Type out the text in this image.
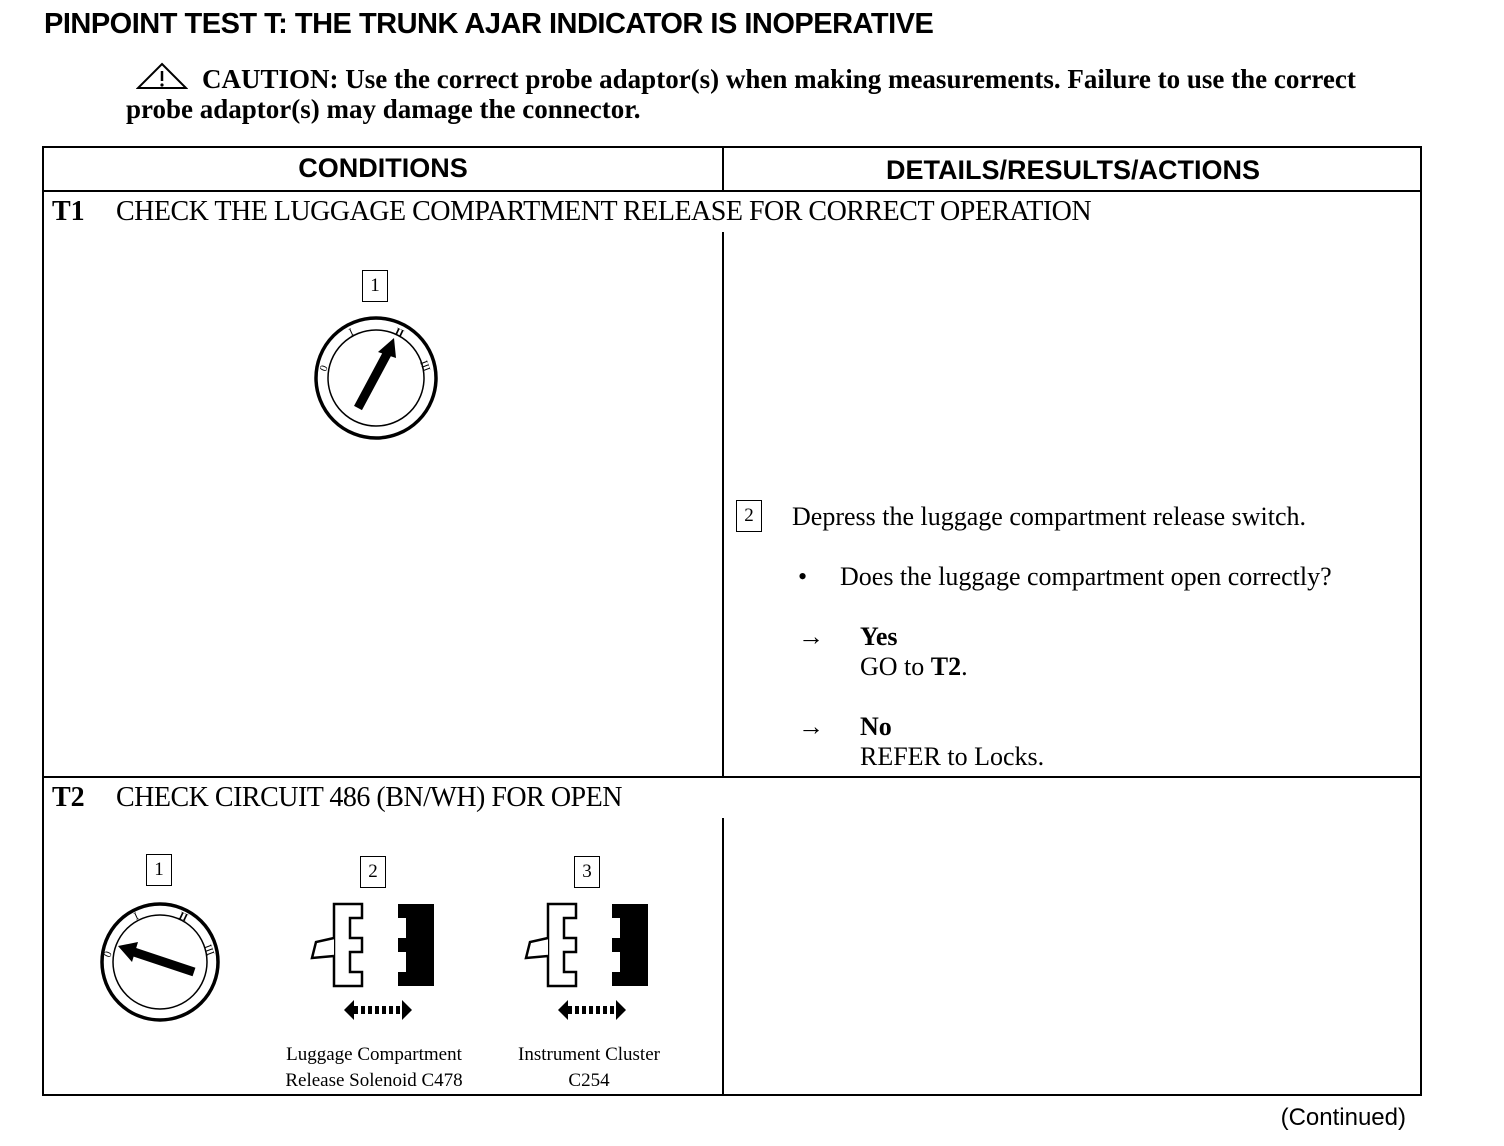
PINPOINT TEST T: THE TRUNK AJAR INDICATOR IS INOPERATIVE
CAUTION: Use the correct probe adaptor(s) when making measurements. Failure to use the correct probe adaptor(s) may damage the connector.
CONDITIONS	DETAILS/RESULTS/ACTIONS
T1 CHECK THE LUGGAGE COMPARTMENT RELEASE FOR CORRECT OPERATION
1
0
I	II
III
2	Depress the luggage compartment release switch.
• Does the luggage compartment open correctly?
→ Yes
GO to T2.
→ No
REFER to Locks.
T2 CHECK CIRCUIT 486 (BN/WH) FOR OPEN
1	2	3
0
I	II
III
Luggage Compartment
Release Solenoid C478
Instrument Cluster
C254
(Continued)
